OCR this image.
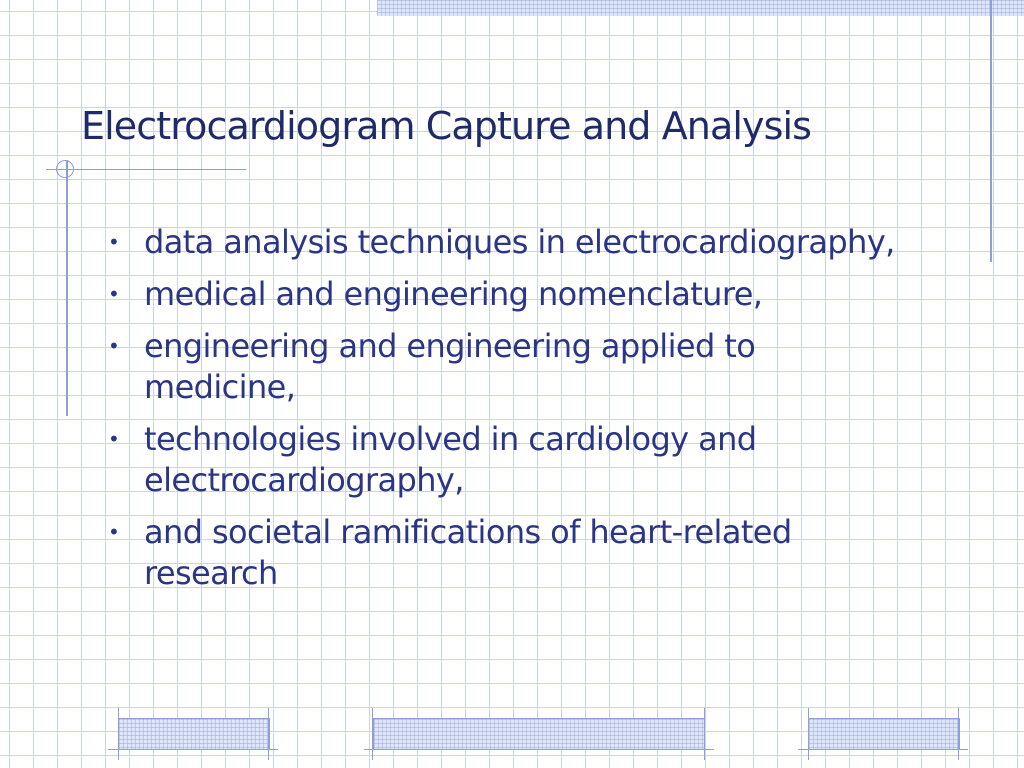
Electrocardiogram Capture and Analysis
• data analysis techniques in electrocardiography,
• medical and engineering nomenclature,
• engineering and engineering applied to medicine,
• technologies involved in cardiology and electrocardiography,
• and societal ramifications of heart-related research
